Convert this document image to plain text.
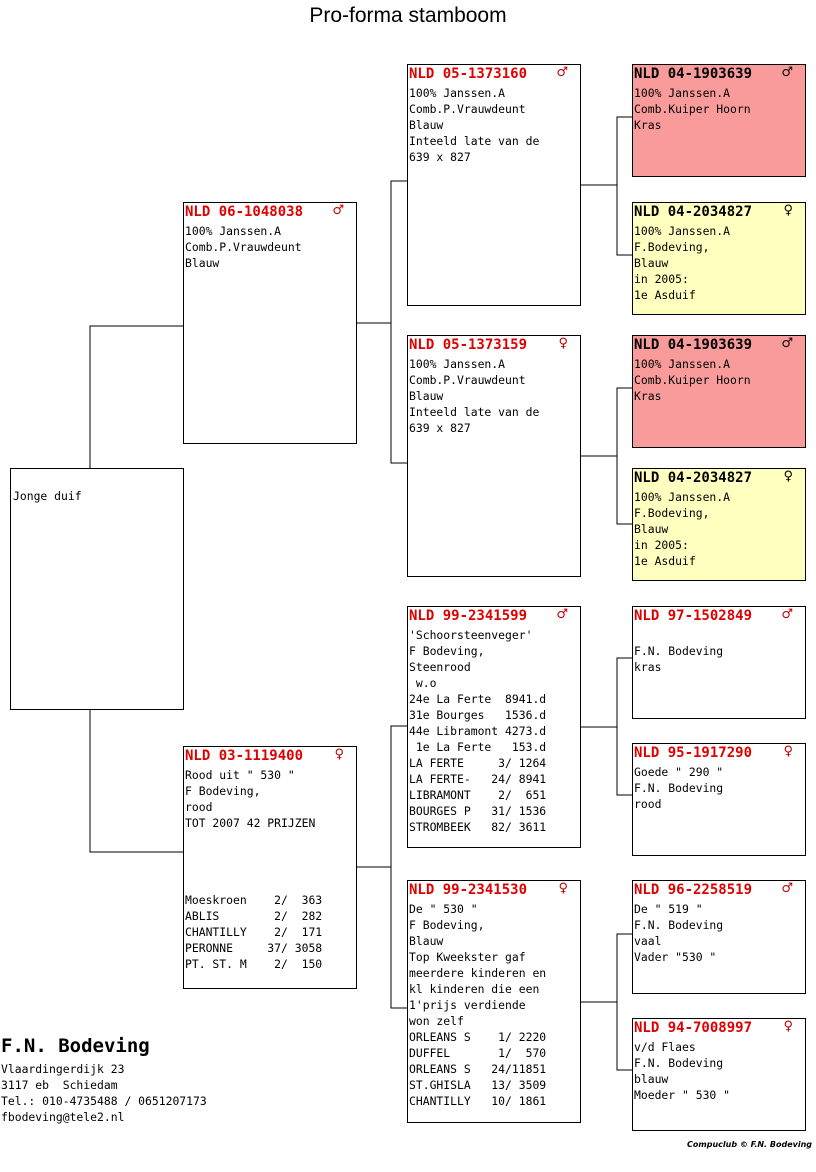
Pro-forma stamboom
Jonge duif
NLD 06-1048038 ♂
100% Janssen.A
Comb.P.Vrauwdeunt
Blauw
NLD 03-1119400 ♀
Rood uit " 530 "
F Bodeving,
rood
TOT 2007 42 PRIJZEN
Moeskroen    2/  363
ABLIS        2/  282
CHANTILLY    2/  171
PERONNE     37/ 3058
PT. ST. M    2/  150
NLD 05-1373160 ♂
100% Janssen.A
Comb.P.Vrauwdeunt
Blauw
Inteeld late van de
639 x 827
NLD 05-1373159 ♀
100% Janssen.A
Comb.P.Vrauwdeunt
Blauw
Inteeld late van de
639 x 827
NLD 99-2341599 ♂
'Schoorsteenveger'
F Bodeving,
Steenrood
w.o
24e La Ferte  8941.d
31e Bourges   1536.d
44e Libramont 4273.d
1e La Ferte   153.d
LA FERTE     3/ 1264
LA FERTE-   24/ 8941
LIBRAMONT    2/  651
BOURGES P   31/ 1536
STROMBEEK   82/ 3611
NLD 99-2341530 ♀
De " 530 "
F Bodeving,
Blauw
Top Kweekster gaf
meerdere kinderen en
kl kinderen die een
1'prijs verdiende
won zelf
ORLEANS S    1/ 2220
DUFFEL       1/  570
ORLEANS S   24/11851
ST.GHISLA   13/ 3509
CHANTILLY   10/ 1861
NLD 04-1903639 ♂
100% Janssen.A
Comb.Kuiper Hoorn
Kras
NLD 04-2034827 ♀
100% Janssen.A
F.Bodeving,
Blauw
in 2005:
1e Asduif
NLD 04-1903639 ♂
100% Janssen.A
Comb.Kuiper Hoorn
Kras
NLD 04-2034827 ♀
100% Janssen.A
F.Bodeving,
Blauw
in 2005:
1e Asduif
NLD 97-1502849 ♂
F.N. Bodeving
kras
NLD 95-1917290 ♀
Goede " 290 "
F.N. Bodeving
rood
NLD 96-2258519 ♂
De " 519 "
F.N. Bodeving
vaal
Vader "530 "
NLD 94-7008997 ♀
v/d Flaes
F.N. Bodeving
blauw
Moeder " 530 "
F.N. Bodeving
Vlaardingerdijk 23
3117 eb  Schiedam
Tel.: 010-4735488 / 0651207173
fbodeving@tele2.nl
Compuclub © F.N. Bodeving
